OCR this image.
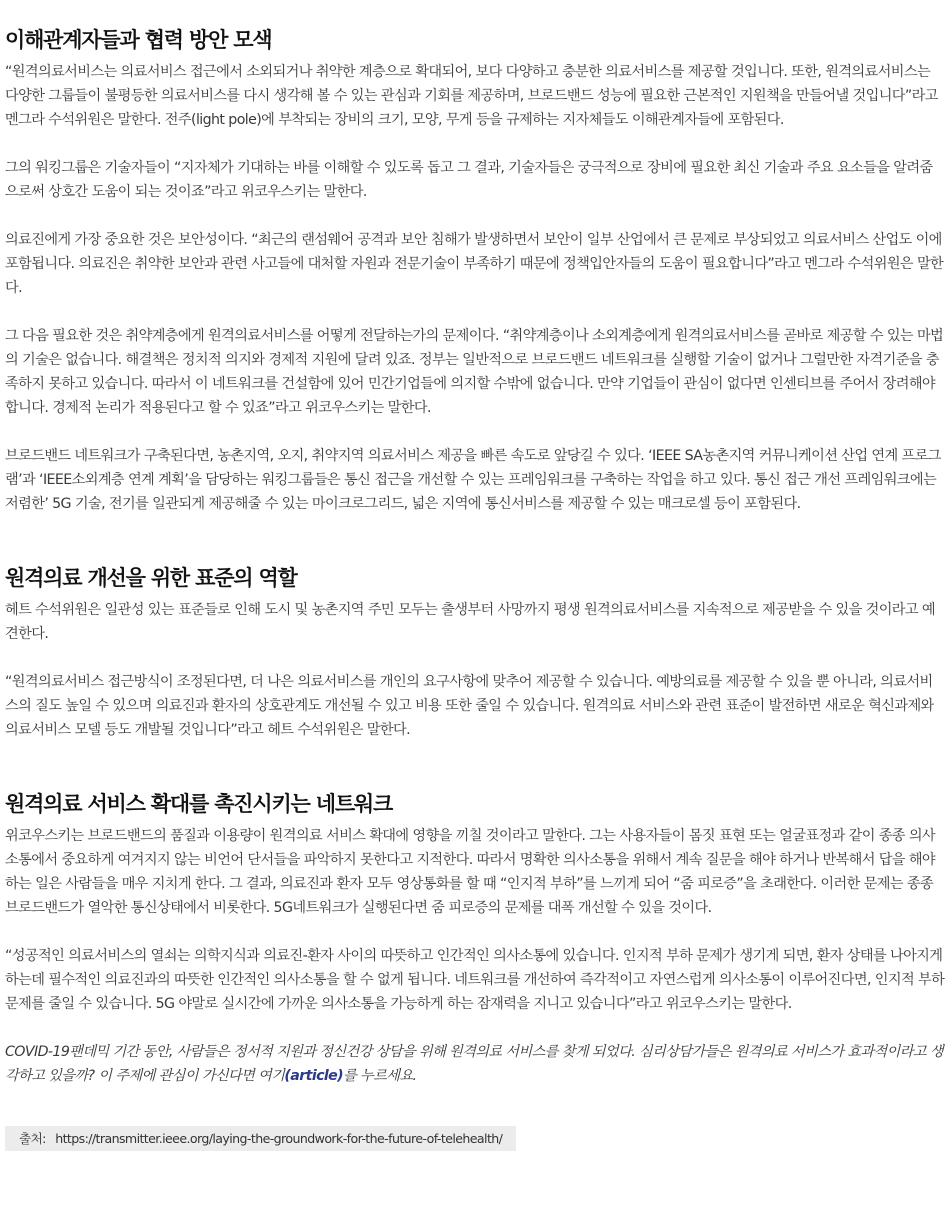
이해관계자들과 협력 방안 모색

“원격의료서비스는 의료서비스 접근에서 소외되거나 취약한 계층으로 확대되어, 보다 다양하고 충분한 의료서비스를 제공할 것입니다. 또한, 원격의료서비스는 다양한 그룹들이 불평등한 의료서비스를 다시 생각해 볼 수 있는 관심과 기회를 제공하며, 브로드밴드 성능에 필요한 근본적인 지원책을 만들어낼 것입니다”라고 멘그라 수석위원은 말한다. 전주(light pole)에 부착되는 장비의 크기, 모양, 무게 등을 규제하는 지자체들도 이해관계자들에 포함된다.

그의 워킹그룹은 기술자들이 “지자체가 기대하는 바를 이해할 수 있도록 돕고 그 결과, 기술자들은 궁극적으로 장비에 필요한 최신 기술과 주요 요소들을 알려줌으로써 상호간 도움이 되는 것이죠”라고 위코우스키는 말한다.

의료진에게 가장 중요한 것은 보안성이다. “최근의 랜섬웨어 공격과 보안 침해가 발생하면서 보안이 일부 산업에서 큰 문제로 부상되었고 의료서비스 산업도 이에 포함됩니다. 의료진은 취약한 보안과 관련 사고들에 대처할 자원과 전문기술이 부족하기 때문에 정책입안자들의 도움이 필요합니다”라고 멘그라 수석위원은 말한다.

그 다음 필요한 것은 취약계층에게 원격의료서비스를 어떻게 전달하는가의 문제이다. “취약계층이나 소외계층에게 원격의료서비스를 곧바로 제공할 수 있는 마법의 기술은 없습니다. 해결책은 정치적 의지와 경제적 지원에 달려 있죠. 정부는 일반적으로 브로드밴드 네트워크를 실행할 기술이 없거나 그럴만한 자격기준을 충족하지 못하고 있습니다. 따라서 이 네트워크를 건설함에 있어 민간기업들에 의지할 수밖에 없습니다. 만약 기업들이 관심이 없다면 인센티브를 주어서 장려해야 합니다. 경제적 논리가 적용된다고 할 수 있죠”라고 위코우스키는 말한다.

브로드밴드 네트워크가 구축된다면, 농촌지역, 오지, 취약지역 의료서비스 제공을 빠른 속도로 앞당길 수 있다. ‘IEEE SA농촌지역 커뮤니케이션 산업 연계 프로그램’과 ‘IEEE소외계층 연계 계획’을 담당하는 워킹그룹들은 통신 접근을 개선할 수 있는 프레임워크를 구축하는 작업을 하고 있다. 통신 접근 개선 프레임워크에는 저렴한’ 5G 기술, 전기를 일관되게 제공해줄 수 있는 마이크로그리드, 넓은 지역에 통신서비스를 제공할 수 있는 매크로셀 등이 포함된다.

원격의료 개선을 위한 표준의 역할

헤트 수석위원은 일관성 있는 표준들로 인해 도시 및 농촌지역 주민 모두는 출생부터 사망까지 평생 원격의료서비스를 지속적으로 제공받을 수 있을 것이라고 예견한다.

“원격의료서비스 접근방식이 조정된다면, 더 나은 의료서비스를 개인의 요구사항에 맞추어 제공할 수 있습니다. 예방의료를 제공할 수 있을 뿐 아니라, 의료서비스의 질도 높일 수 있으며 의료진과 환자의 상호관계도 개선될 수 있고 비용 또한 줄일 수 있습니다. 원격의료 서비스와 관련 표준이 발전하면 새로운 혁신과제와 의료서비스 모델 등도 개발될 것입니다”라고 헤트 수석위원은 말한다.

원격의료 서비스 확대를 촉진시키는 네트워크

위코우스키는 브로드밴드의 품질과 이용량이 원격의료 서비스 확대에 영향을 끼칠 것이라고 말한다. 그는 사용자들이 몸짓 표현 또는 얼굴표정과 같이 종종 의사소통에서 중요하게 여겨지지 않는 비언어 단서들을 파악하지 못한다고 지적한다. 따라서 명확한 의사소통을 위해서 계속 질문을 해야 하거나 반복해서 답을 해야 하는 일은 사람들을 매우 지치게 한다. 그 결과, 의료진과 환자 모두 영상통화를 할 때 “인지적 부하”를 느끼게 되어 “줌 피로증”을 초래한다. 이러한 문제는 종종 브로드밴드가 열악한 통신상태에서 비롯한다. 5G네트워크가 실행된다면 줌 피로증의 문제를 대폭 개선할 수 있을 것이다.

“성공적인 의료서비스의 열쇠는 의학지식과 의료진-환자 사이의 따뜻하고 인간적인 의사소통에 있습니다. 인지적 부하 문제가 생기게 되면, 환자 상태를 나아지게 하는데 필수적인 의료진과의 따뜻한 인간적인 의사소통을 할 수 없게 됩니다. 네트워크를 개선하여 즉각적이고 자연스럽게 의사소통이 이루어진다면, 인지적 부하 문제를 줄일 수 있습니다. 5G 야말로 실시간에 가까운 의사소통을 가능하게 하는 잠재력을 지니고 있습니다”라고 위코우스키는 말한다.

COVID-19팬데믹 기간 동안, 사람들은 정서적 지원과 정신건강 상담을 위해 원격의료 서비스를 찾게 되었다. 심리상담가들은 원격의료 서비스가 효과적이라고 생각하고 있을까? 이 주제에 관심이 가신다면 여기(article)를 누르세요.

출처: https://transmitter.ieee.org/laying-the-groundwork-for-the-future-of-telehealth/
